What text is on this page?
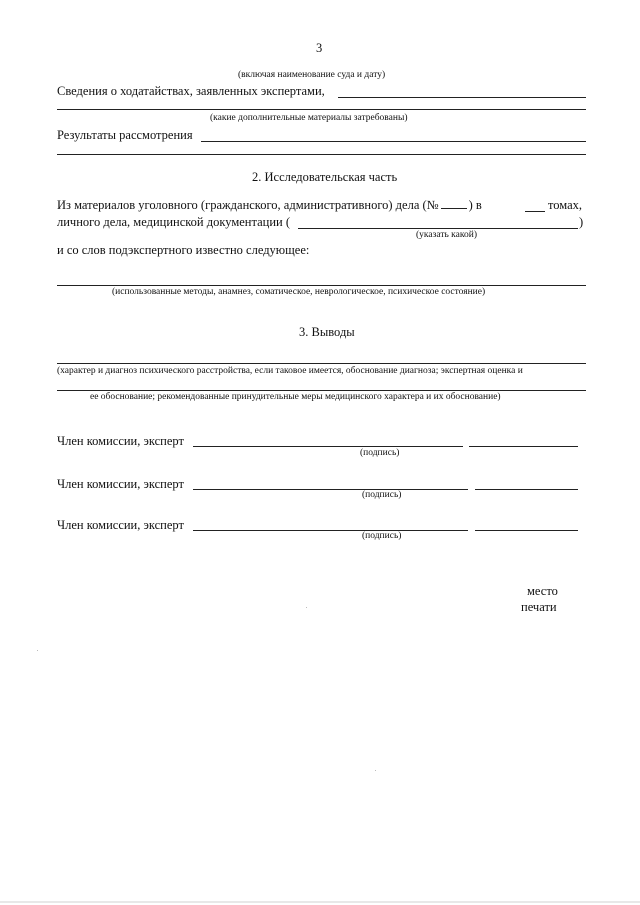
3
(включая наименование суда и дату)
Сведения о ходатайствах, заявленных экспертами,
(какие дополнительные материалы затребованы)
Результаты рассмотрения
2. Исследовательская часть
Из материалов уголовного (гражданского, административного) дела (№ ) в	томах,
личного дела, медицинской документации (	)
(указать какой)
и со слов подэкспертного известно следующее:
(использованные методы, анамнез, соматическое, неврологическое, психическое состояние)
3. Выводы
(характер и диагноз психического расстройства, если таковое имеется, обоснование диагноза; экспертная оценка и
ее обоснование; рекомендованные принудительные меры медицинского характера и их обоснование)
Член комиссии, эксперт
(подпись)
Член комиссии, эксперт
(подпись)
Член комиссии, эксперт
(подпись)
место
печати
